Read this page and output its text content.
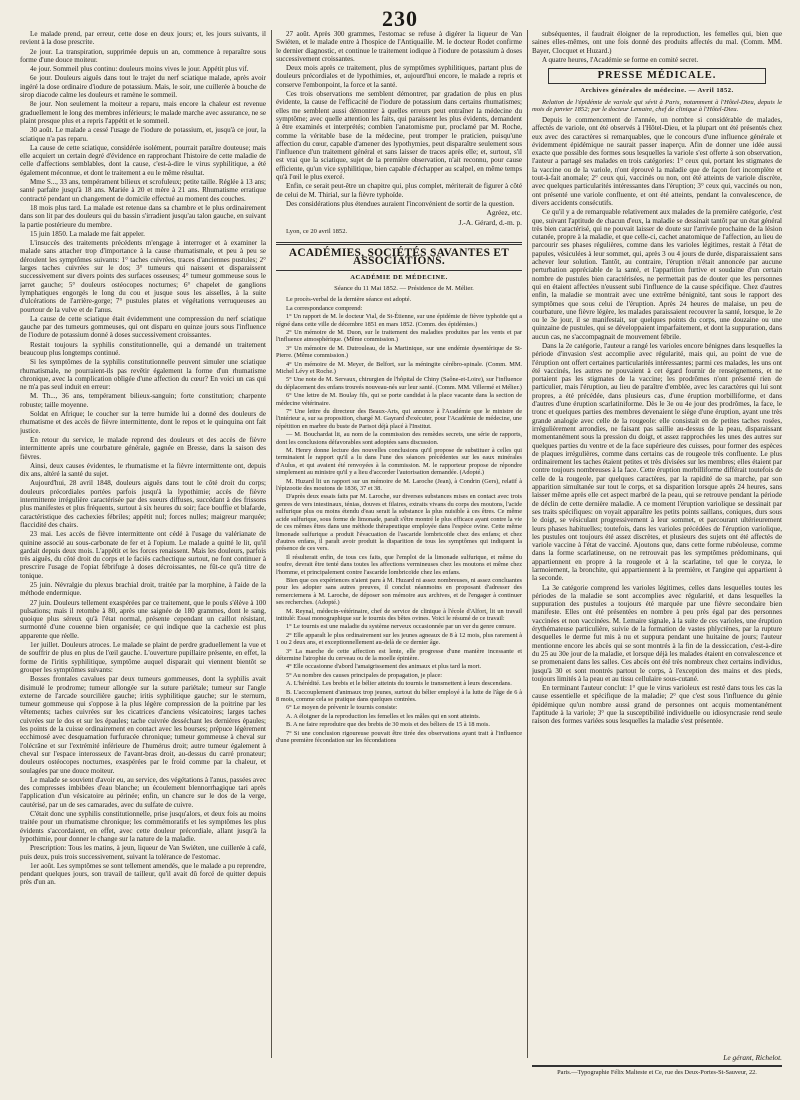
230

Le malade prend, par erreur, cette dose en deux jours; et, les jours suivants, il revient à la dose prescrite.

2e jour. La transpiration, supprimée depuis un an, commence à reparaître sous forme d'une douce moiteur.

4e jour. Sommeil plus continu: douleurs moins vives le jour. Appétit plus vif.

6e jour. Douleurs aiguës dans tout le trajet du nerf sciatique malade, après avoir ingéré la dose ordinaire d'iodure de potassium. Mais, le soir, une cuillerée à bouche de sirop diacode calme les douleurs et ramène le sommeil.

8e jour. Non seulement la moiteur a reparu, mais encore la chaleur est revenue graduellement le long des membres inférieurs; le malade marche avec assurance, ne se plaint presque plus et a repris l'appétit et le sommeil.

30 août. Le malade a cessé l'usage de l'iodure de potassium, et, jusqu'à ce jour, la sciatique n'a pas reparu.

La cause de cette sciatique, considérée isolément, pourrait paraître douteuse; mais elle acquiert un certain degré d'évidence en rapprochant l'histoire de cette maladie de celle d'affections semblables, dont la cause, c'est-à-dire le virus syphilitique, a été également méconnue, et dont le traitement a eu le même résultat.

Mme S..., 33 ans, tempérament bilieux et scrofuleux; petite taille. Réglée à 13 ans; santé parfaite jusqu'à 18 ans. Mariée à 20 et mère à 21 ans. Rhumatisme erratique contracté pendant un changement de domicile effectué au moment des couches.

18 mois plus tard. La malade est retenue dans sa chambre et le plus ordinairement dans son lit par des douleurs qui du bassin s'irradient jusqu'au talon gauche, en suivant la partie postérieure du membre.

15 juin 1850. La malade me fait appeler.

L'insuccès des traitements précédents m'engage à interroger et à examiner la malade sans attacher trop d'importance à la cause rhumatismale, et peu à peu se déroulent les symptômes suivants: 1° taches cuivrées, traces d'anciennes pustules; 2° larges taches cuivrées sur le dos; 3° tumeurs qui naissent et disparaissent successivement sur divers points des surfaces osseuses; 4° tumeur gommeuse sous le jarret gauche; 5° douleurs ostéocopes nocturnes; 6° chapelet de ganglions lymphatiques engorgés le long du cou et jusque sous les aisselles, à la suite d'ulcérations de l'arrière-gorge; 7° pustules plates et végétations verruqueuses au pourtour de la vulve et de l'anus.

La cause de cette sciatique était évidemment une compression du nerf sciatique gauche par des tumeurs gommeuses, qui ont disparu en quinze jours sous l'influence de l'iodure de potassium donné à doses successivement croissantes.

Restait toujours la syphilis constitutionnelle, qui a demandé un traitement beaucoup plus longtemps continué.

Si les symptômes de la syphilis constitutionnelle peuvent simuler une sciatique rhumatismale, ne pourraient-ils pas revêtir également la forme d'un rhumatisme chronique, avec la complication obligée d'une affection du cœur? En voici un cas qui ne m'a pas seul induit en erreur:

M. Th..., 36 ans, tempérament bilieux-sanguin; forte constitution; charpente robuste; taille moyenne.

Soldat en Afrique; le coucher sur la terre humide lui a donné des douleurs de rhumatisme et des accès de fièvre intermittente, dont le repos et le quinquina ont fait justice.

En retour du service, le malade reprend des douleurs et des accès de fièvre intermittente après une courbature générale, gagnée en Bresse, dans la saison des fièvres.

Ainsi, deux causes évidentes, le rhumatisme et la fièvre intermittente ont, depuis dix ans, altéré la santé du sujet.

Aujourd'hui, 28 avril 1848, douleurs aiguës dans tout le côté droit du corps; douleurs précordiales portées parfois jusqu'à la lypothimie; accès de fièvre intermittente irrégulière caractérisée par des sueurs diffuses, succédant à des frissons plus manifestes et plus fréquents, surtout à six heures du soir; face bouffie et blafarde, caractéristique des cachexies fébriles; appétit nul; forces nulles; maigreur marquée; flaccidité des chairs.

23 mai. Les accès de fièvre intermittente ont cédé à l'usage du valérianate de quinine associé au sous-carbonate de fer et à l'opium. Le malade a quitté le lit, qu'il gardait depuis deux mois. L'appétit et les forces renaissent. Mais les douleurs, parfois très aiguës, du côté droit du corps et le faciès cachectique surtout, ne font continuer à prescrire l'usage de l'opiat fébrifuge à doses décroissantes, ne fût-ce qu'à titre de tonique.

25 juin. Névralgie du plexus brachial droit, traitée par la morphine, à l'aide de la méthode endermique.

27 juin. Douleurs tellement exaspérées par ce traitement, que le pouls s'élève à 100 pulsations; mais il retombe à 80, après une saignée de 180 grammes, dont le sang, quoique plus séreux qu'à l'état normal, présente cependant un caillot résistant, surmonté d'une couenne bien organisée; ce qui indique que la cachexie est plus apparente que réelle.

1er juillet. Douleurs atroces. Le malade se plaint de perdre graduellement la vue et de souffrir de plus en plus de l'œil gauche. L'ouverture pupillaire présente, en effet, la forme de l'iritis syphilitique, symptôme auquel disparait qui viennent bientôt se grouper les symptômes suivants:

Bosses frontales cavalues par deux tumeurs gommeuses, dont la syphilis avait disimulé le prodrome; tumeur allongée sur la suture pariétale; tumeur sur l'angle externe de l'arcade sourcilière gauche; iritis syphilitique gauche; sur le sternum, tumeur gommeuse qui s'oppose à la plus légère compression de la poitrine par les vêtements; taches cuivrées sur les cicatrices d'anciens vésicatoires; larges taches cuivrées sur le dos et sur les épaules; tache cuivrée desséchant les dernières épaules; les points de la cuisse ordinairement en contact avec les bourses; prépuce légèrement ecchimosé avec desquamation furfuracée chronique; tumeur gommeuse à cheval sur l'olécrâne et sur l'extrémité inférieure de l'humérus droit; autre tumeur également à cheval sur l'espace interosseux de l'avant-bras droit, au-dessus du carré pronateur; douleurs ostéocopes nocturnes, exaspérées par le froid comme par la chaleur, et soulagées par une douce moiteur.

Le malade se souvient d'avoir eu, au service, des végétations à l'anus, passées avec des compresses imbibées d'eau blanche; un écoulement blennorrhagique tari après l'application d'un vésicatoire au périnée; enfin, un chancre sur le dos de la verge, cautérisé, par un de ses camarades, avec du sulfate de cuivre.

C'était donc une syphilis constitutionnelle, prise jusqu'alors, et deux fois au moins traitée pour un rhumatisme chronique; les commémoratifs et les symptômes les plus évidents s'accordaient, en effet, avec cette douleur précordiale, allant jusqu'à la lypothimie, pour donner le change sur la nature de la maladie.

Prescription: Tous les matins, à jeun, liqueur de Van Swiéten, une cuillerée à café, puis deux, puis trois successivement, suivant la tolérance de l'estomac.

1er août. Les symptômes se sont tellement amendés, que le malade a pu reprendre, pendant quelques jours, son travail de tailleur, qu'il avait dû forcé de quitter depuis près d'un an.

27 août. Après 300 grammes, l'estomac se refuse à digérer la liqueur de Van Swiéten, et le malade entre à l'hospice de l'Antiquaille. M. le docteur Rodet confirme le dernier diagnostic, et continue le traitement iodique à l'iodure de potassium à doses successivement croissantes.

Deux mois après ce traitement, plus de symptômes syphilitiques, partant plus de douleurs précordiales et de lypothimies, et, aujourd'hui encore, le malade a repris et conserve l'embonpoint, la force et la santé.

Ces trois observations me semblent démontrer, par gradation de plus en plus évidente, la cause de l'efficacité de l'iodure de potassium dans certains rhumatismes; elles me semblent aussi démontrer à quelles erreurs peut entraîner la médecine du symptôme; avec quelle attention les faits, qui paraissent les plus évidents, demandent à être examinés et interprétés; combien l'anatomisme pur, proclamé par M. Roche, comme la véritable base de la médecine, peut tromper le praticien, puisqu'une affection du cœur, capable d'amener des lypothymies, peut disparaître seulement sous l'influence d'un traitement général et sans laisser de traces après elle; et, surtout, s'il est vrai que la sciatique, sujet de la première observation, n'ait reconnu, pour cause efficiente, qu'un vice syphilitique, bien capable d'échapper au scalpel, en même temps qu'à l'œil le plus exercé.

Enfin, ce serait peut-être un chapitre qui, plus complet, mériterait de figurer à côté de celui de M. Thirial, sur la fièvre typhoïde.

Des considérations plus étendues auraient l'inconvénient de sortir de la question.

Agréez, etc.

J.-A. Gérard, d.-m. p.

Lyon, ce 20 avril 1852.

ACADÉMIES, SOCIÉTÉS SAVANTES ET ASSOCIATIONS.
ACADÉMIE DE MÉDECINE.

Séance du 11 Mai 1852. — Présidence de M. Mélier.

Le procès-verbal de la dernière séance est adopté.

La correspondance comprend:

1° Un rapport de M. le docteur Vial, de St-Étienne, sur une épidémie de fièvre typhoïde qui a régné dans cette ville de décembre 1851 en mars 1852. (Comm. des épidémies.)

2° Un mémoire de M. Duon, sur le traitement des maladies produites par les vents et par l'influence atmosphérique. (Même commission.)

3° Un mémoire de M. Dutrouleau, de la Martinique, sur une endémie dysentérique de St-Pierre. (Même commission.)

4° Un mémoire de M. Meyer, de Belfort, sur la méningite cérébro-spinale. (Comm. MM. Michel Lévy et Roche.)

5° Une note de M. Servaux, chirurgien de l'hôpital de Chiny (Saône-et-Loire), sur l'influence du déplacement des enfans trouvés nouveau-nés sur leur santé. (Comm. MM. Villermé et Mélier.)

6° Une lettre de M. Boulay fils, qui se porte candidat à la place vacante dans la section de médecine vétérinaire.

7° Une lettre du directeur des Beaux-Arts, qui annonce à l'Académie que le ministre de l'intérieur a, sur sa proposition, chargé M. Gayrard d'exécuter, pour l'Académie de médecine, une répétition en marbre du buste de Parisot déjà placé à l'Institut.

— M. Bouchardat lit, au nom de la commission des remèdes secrets, une série de rapports, dont les conclusions défavorables sont adoptées sans discussion.

M. Henry donne lecture des nouvelles conclusions qu'il propose de substituer à celles qui terminaient le rapport qu'il a lu dans l'une des séances précédentes sur les eaux minérales d'Aulus, et qui avaient été renvoyées à la commission. M. le rapporteur propose de répondre simplement au ministre qu'il y a lieu d'accorder l'autorisation demandée. (Adopté.)

M. Huzard lit un rapport sur un mémoire de M. Laroche (Jean), à Condrin (Gers), relatif à l'épizootie des moutons de 1836, 37 et 38.

D'après deux essais faits par M. Laroche, sur diverses substances mises en contact avec trois genres de vers intestinaux, ténias, douves et filaires, extraits vivans du corps des moutons, l'acide sulfurique plus ou moins étendu d'eau serait la substance la plus nuisible à ces êtres. Ce même acide sulfurique, sous forme de limonade, paraît s'être montré le plus efficace ayant contre la vie de ces mêmes êtres dans une méthode thérapeutique employée dans l'espèce ovine. Cette même limonade sulfurique a produit l'évacuation de l'ascaride lombricoïde chez des enfans; et chez d'autres enfans, il paraît avoir produit la disparition de tous les symptômes qui indiquent la présence de ces vers.

Il résulterait enfin, de tous ces faits, que l'emploi de la limonade sulfurique, et même du soufre, devrait être tenté dans toutes les affections vermineuses chez les moutons et même chez l'homme, et principalement contre l'ascaride lombricoïde chez les enfans.

Bien que ces expériences n'aient paru à M. Huzard ni assez nombreuses, ni assez concluantes pour les adopter sans autres preuves, il conclut néanmoins en proposant d'adresser des remerciemens à M. Laroche, de déposer son mémoire aux archives, et de l'engager à continuer ses recherches. (Adopté.)

M. Reynal, médecin-vétérinaire, chef de service de clinique à l'école d'Alfort, lit un travail intitulé: Essai monographique sur le tournis des bêtes ovines. Voici le résumé de ce travail:

1° Le tournis est une maladie du système nerveux occasionnée par un ver du genre cœnure.

2° Elle apparaît le plus ordinairement sur les jeunes agneaux de 8 à 12 mois, plus rarement à 1 ou 2 deux ans, et exceptionnellement au-delà de ce dernier âge.

3° La marche de cette affection est lente, elle progresse d'une manière incessante et détermine l'atrophie du cerveau ou de la moelle épinière.

4° Elle occasionne d'abord l'amaigrissement des animaux et plus tard la mort.

5° Au nombre des causes principales de propagation, je place:

A. L'hérédité. Les brebis et le bélier atteints du tournis le transmettent à leurs descendans.

B. L'accouplement d'animaux trop jeunes, surtout du bélier employé à la lutte de l'âge de 6 à 8 mois, comme cela se pratique dans quelques contrées.

6° Le moyen de prévenir le tournis consiste:

A. A éloigner de la reproduction les femelles et les mâles qui en sont atteints.

B. A ne faire reproduire que des brebis de 30 mois et des béliers de 15 à 18 mois.

7° Si une conclusion rigoureuse pouvait être tirée des observations ayant trait à l'influence d'une première fécondation sur les fécondations

subséquentes, il faudrait éloigner de la reproduction, les femelles qui, bien que saines elles-mêmes, ont une fois donné des produits affectés du mal. (Comm. MM. Bayer, Clocquet et Huzard.)

A quatre heures, l'Académie se forme en comité secret.

PRESSE MÉDICALE.
Archives générales de médecine. — Avril 1852.

Relation de l'épidémie de variole qui sévit à Paris, notamment à l'Hôtel-Dieu, depuis le mois de janvier 1852; par le docteur Lemaire, chef de clinique à l'Hôtel-Dieu.

Depuis le commencement de l'année, un nombre si considérable de malades, affectés de variole, ont été observés à l'Hôtel-Dieu, et la plupart ont été présentés chez eux avec des caractères si remarquables, que le concours d'une influence générale et évidemment épidémique ne saurait passer inaperçu. Afin de donner une idée aussi exacte que possible des formes sous lesquelles la variole s'est offerte à son observation, l'auteur a partagé ses malades en trois catégories: 1° ceux qui, portant les stigmates de la vaccine ou de la variole, n'ont éprouvé la maladie que de façon fort incomplète et tout-à-fait anomale; 2° ceux qui, vaccinés ou non, ont été atteints de variole discrète, avec quelques particularités intéressantes dans l'éruption; 3° ceux qui, vaccinés ou non, ont présenté une variole confluente, et ont été atteints, pendant la convalescence, de divers accidents consécutifs.

Ce qu'il y a de remarquable relativement aux malades de la première catégorie, c'est que, suivant l'aptitude de chacun d'eux, la maladie se dessinait tantôt par un état général très bien caractérisé, qui ne pouvait laisser de doute sur l'arrivée prochaine de la lésion cutanée, propre à la maladie, et que celle-ci, cachet anatomique de l'affection, au lieu de parcourir ses phases régulières, comme dans les varioles légitimes, restait à l'état de papules, vésiculées à leur sommet, qui, après 3 ou 4 jours de durée, disparaissaient sans achever leur solution. Tantôt, au contraire, l'éruption n'était annoncée par aucune perturbation appréciable de la santé, et l'apparition furtive et soudaine d'un certain nombre de pustules bien caractérisées, ne permettait pas de douter que les personnes qui en étaient affectées n'eussent subi l'influence de la cause spécifique. Chez d'autres enfin, la maladie se montrait avec une extrême bénignité, tant sous le rapport des symptômes que sous celui de l'éruption. Après 24 heures de malaise, un peu de courbature, une fièvre légère, les malades paraissaient recouvrer la santé, lorsque, le 2e ou le 3e jour, il se manifestait, sur quelques points du corps, une douzaine ou une quinzaine de pustules, qui se développaient imparfaitement, et dont la suppuration, dans aucun cas, ne s'accompagnait de mouvement fébrile.

Dans la 2e catégorie, l'auteur a rangé les varioles encore bénignes dans lesquelles la période d'invasion s'est accomplie avec régularité, mais qui, au point de vue de l'éruption ont offert certaines particularités intéressantes; parmi ces malades, les uns ont été vaccinés, les autres ne pouvaient à cet égard fournir de renseignemens, et ne portaient pas les stigmates de la vaccine; les prodrômes n'ont présenté rien de particulier, mais l'éruption, au lieu de paraître d'emblée, avec les caractères qui lui sont propres, a été précédée, dans plusieurs cas, d'une éruption morbilliforme, et dans d'autres d'une éruption scarlatiniforme. Dès le 3e ou 4e jour des prodrômes, la face, le tronc et quelques parties des membres devenaient le siège d'une éruption, ayant une très grande analogie avec celle de la rougeole: elle consistait en de petites taches rosées, irrégulièrement arrondies, ne faisant pas saillie au-dessus de la peau, disparaissant momentanément sous la pression du doigt, et assez rapprochées les unes des autres sur quelques parties du ventre et de la face supérieure des cuisses, pour former des espèces de plaques irrégulières, comme dans certains cas de rougeole très confluente. Le plus ordinairement les taches étaient petites et très divisées sur les membres; elles étaient par contre toujours nombreuses à la face. Cette éruption morbilliforme différait toutefois de celle de la rougeole, par quelques caractères, par la rapidité de sa marche, par son apparition simultanée sur tout le corps, et sa disparition lorsque après 24 heures, sans laisser même après elle cet aspect marbré de la peau, qui se retrouve pendant la période de déclin de cette dernière maladie. A ce moment l'éruption variolique se dessinait par ses traits spécifiques: on voyait apparaître les petits points saillans, coniques, durs sous le doigt, se vésiculant progressivement à leur sommet, et parcourant ultérieurement leurs phases habituelles; toutefois, dans les varioles précédées de l'éruption variolique, les pustules ont toujours été assez discrètes, et plusieurs des sujets ont été affectés de variole vaccine à l'état de vacciné. Ajoutons que, dans cette forme rubéoleuse, comme dans la forme scarlatineuse, on ne retrouvait pas les symptômes prédominans, qui appartiennent en propre à la rougeole et à la scarlatine, tel que le coryza, le larmoiement, la bronchite, qui appartiennent à la première, et l'angine qui appartient à la seconde.

La 3e catégorie comprend les varioles légitimes, celles dans lesquelles toutes les périodes de la maladie se sont accomplies avec régularité, et dans lesquelles la suppuration des pustules a toujours été marquée par une fièvre secondaire bien manifeste. Elles ont été présentées en nombre à peu près égal par des personnes vaccinées et non vaccinées. M. Lemaire signale, à la suite de ces varioles, une éruption érythémateuse particulière, suivie de la formation de vastes phlyctènes, par la rupture desquelles le derme fut mis à nu et suppura pendant une huitaine de jours; l'auteur mentionne encore les abcès qui se sont montrés à la fin de la dessiccation, c'est-à-dire du 25 au 30e jour de la maladie, et lorsque déjà les malades étaient en convalescence et se promenaient dans les salles. Ces abcès ont été très nombreux chez certains individus, jusqu'à 30 et sont montrés partout le corps, à l'exception des mains et des pieds, toujours limités à la peau et au tissu cellulaire sous-cutané.

En terminant l'auteur conclut: 1° que le virus varioleux est resté dans tous les cas la cause essentielle et spécifique de la maladie; 2° que c'est sous l'influence du génie épidémique qu'un nombre aussi grand de personnes ont acquis momentanément l'aptitude à la variole; 3° que la susceptibilité individuelle ou idiosyncrasie rend seule raison des formes variées sous lesquelles la maladie s'est présentée.

Le gérant, Richelot.
Paris.—Typographie Félix Malteste et Ce, rue des Deux-Portes-St-Sauveur, 22.
